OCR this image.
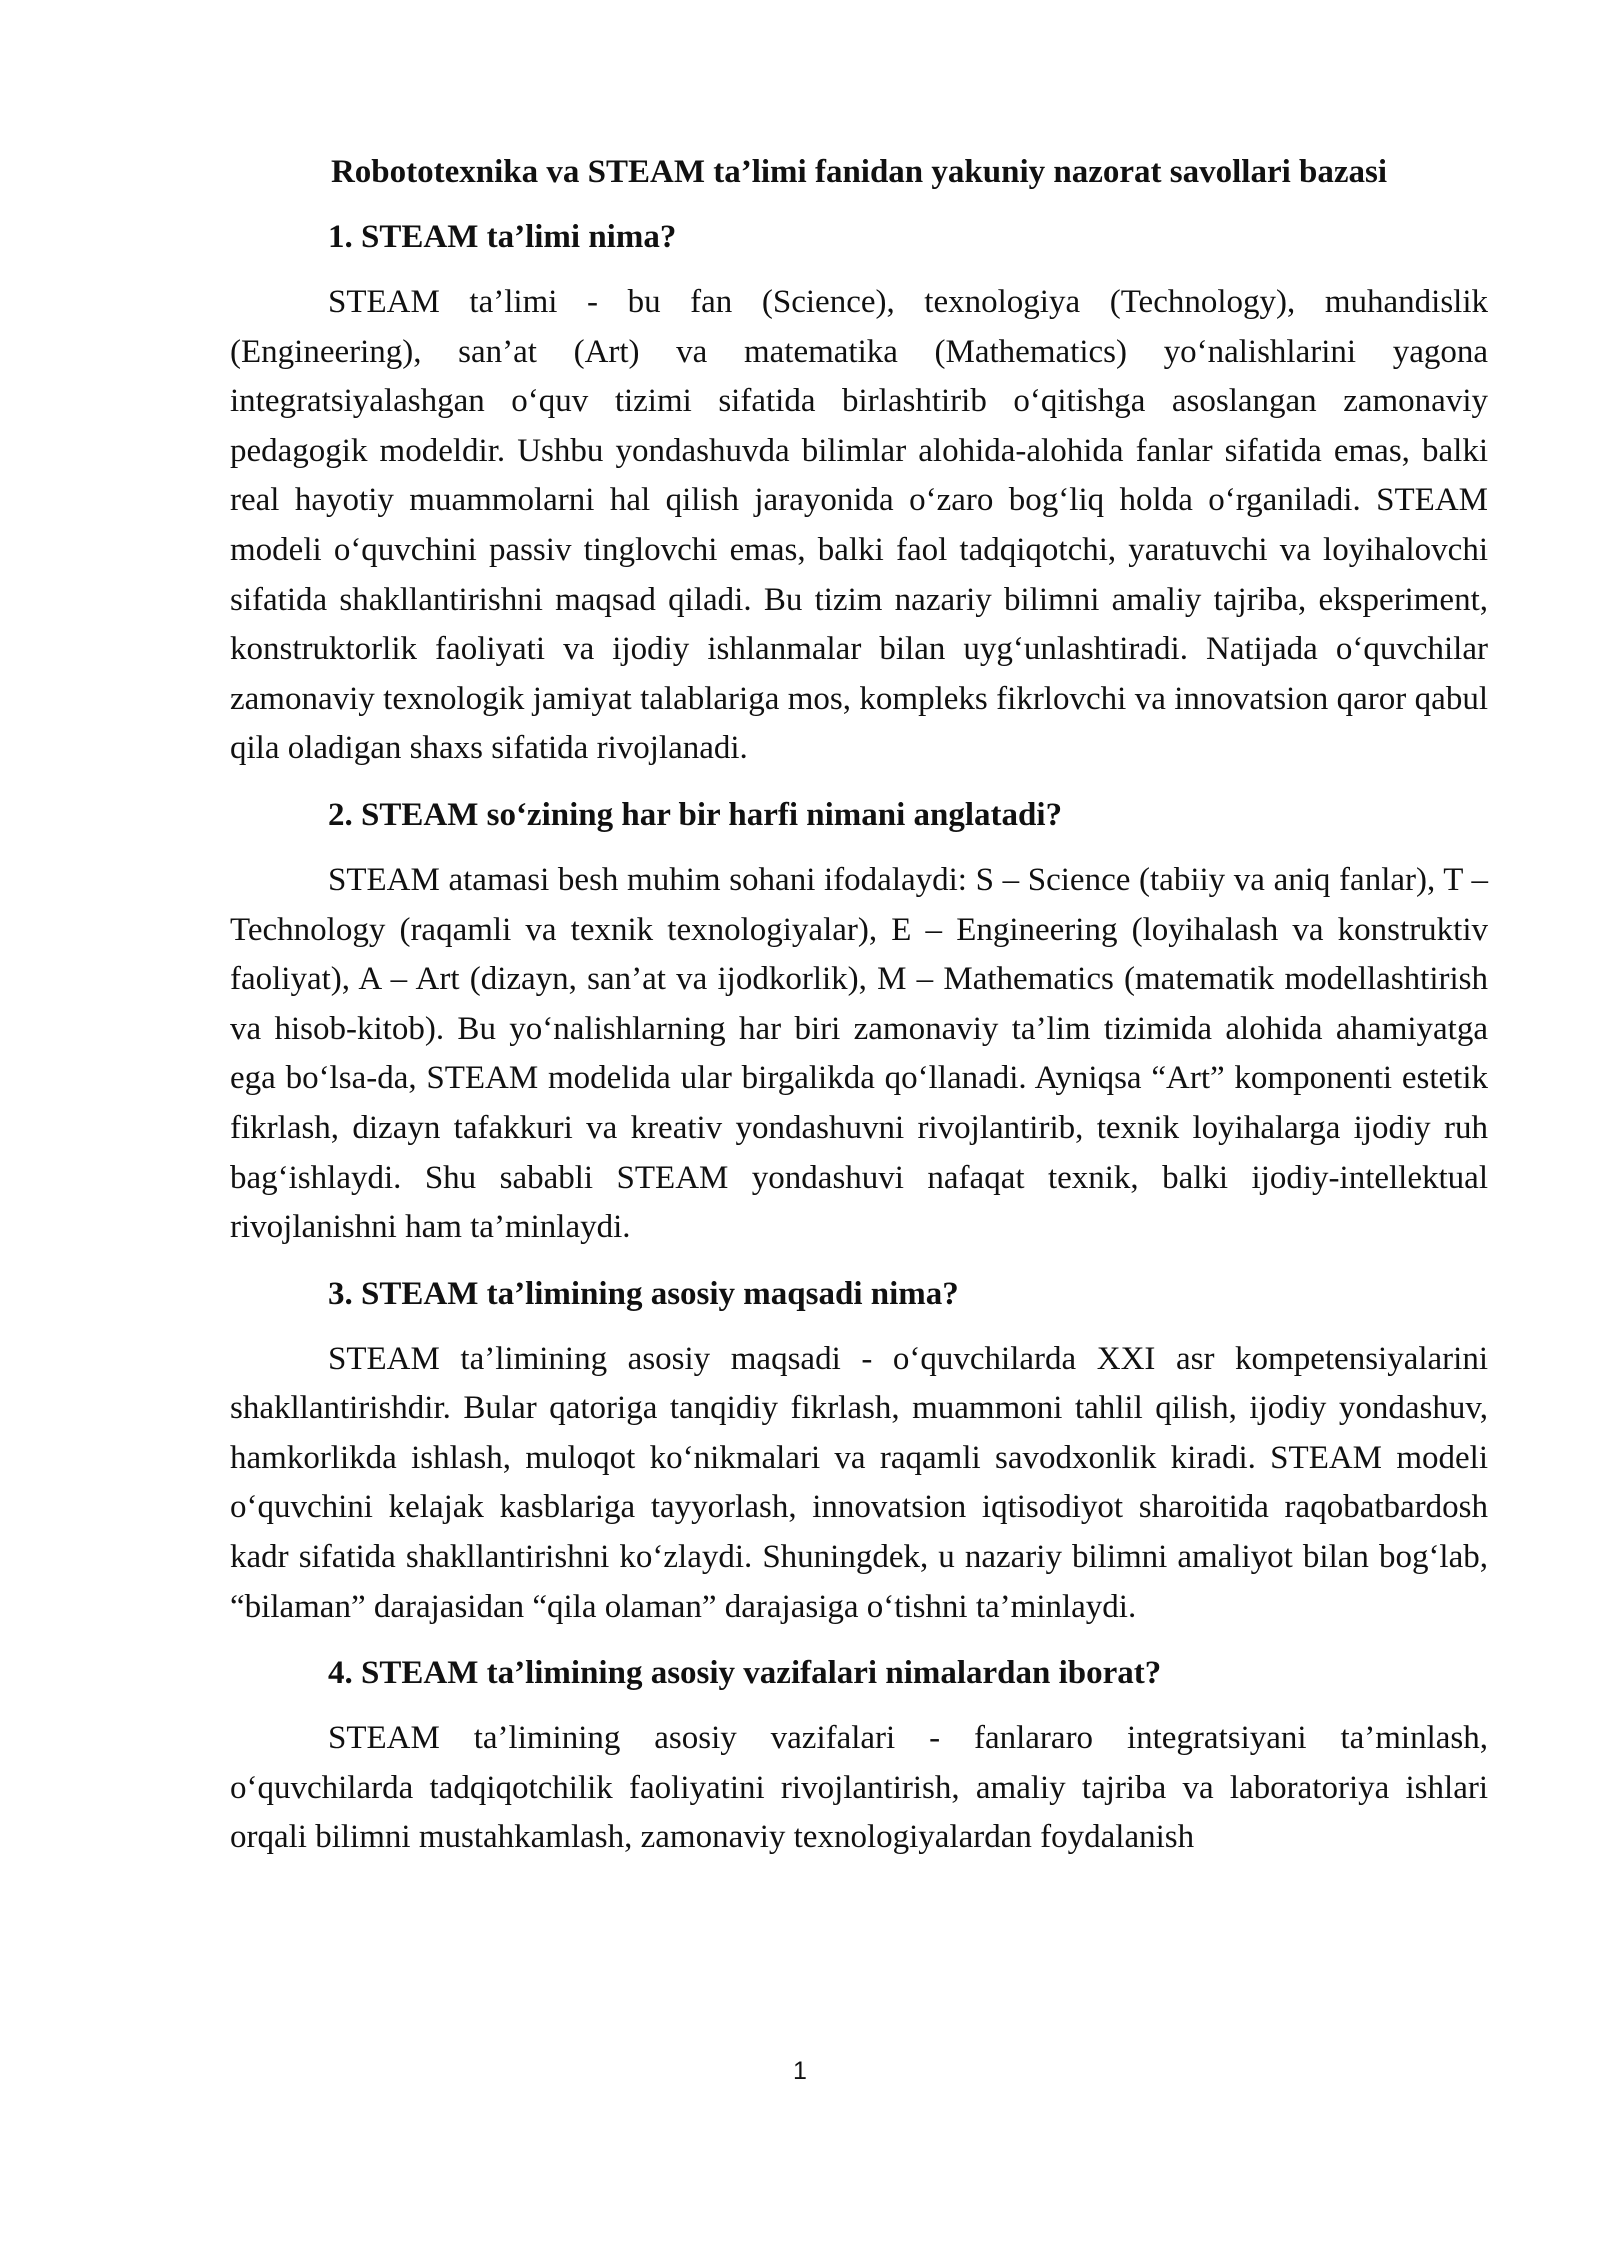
Robototexnika va STEAM ta’limi fanidan yakuniy nazorat savollari bazasi

1. STEAM ta’limi nima?

STEAM ta’limi - bu fan (Science), texnologiya (Technology), muhandislik (Engineering), san’at (Art) va matematika (Mathematics) yo‘nalishlarini yagona integratsiyalashgan o‘quv tizimi sifatida birlashtirib o‘qitishga asoslangan zamonaviy pedagogik modeldir. Ushbu yondashuvda bilimlar alohida-alohida fanlar sifatida emas, balki real hayotiy muammolarni hal qilish jarayonida o‘zaro bog‘liq holda o‘rganiladi. STEAM modeli o‘quvchini passiv tinglovchi emas, balki faol tadqiqotchi, yaratuvchi va loyihalovchi sifatida shakllantirishni maqsad qiladi. Bu tizim nazariy bilimni amaliy tajriba, eksperiment, konstruktorlik faoliyati va ijodiy ishlanmalar bilan uyg‘unlashtiradi. Natijada o‘quvchilar zamonaviy texnologik jamiyat talablariga mos, kompleks fikrlovchi va innovatsion qaror qabul qila oladigan shaxs sifatida rivojlanadi.

2. STEAM so‘zining har bir harfi nimani anglatadi?

STEAM atamasi besh muhim sohani ifodalaydi: S – Science (tabiiy va aniq fanlar), T – Technology (raqamli va texnik texnologiyalar), E – Engineering (loyihalash va konstruktiv faoliyat), A – Art (dizayn, san’at va ijodkorlik), M – Mathematics (matematik modellashtirish va hisob-kitob). Bu yo‘nalishlarning har biri zamonaviy ta’lim tizimida alohida ahamiyatga ega bo‘lsa-da, STEAM modelida ular birgalikda qo‘llanadi. Ayniqsa “Art” komponenti estetik fikrlash, dizayn tafakkuri va kreativ yondashuvni rivojlantirib, texnik loyihalarga ijodiy ruh bag‘ishlaydi. Shu sababli STEAM yondashuvi nafaqat texnik, balki ijodiy-intellektual rivojlanishni ham ta’minlaydi.

3. STEAM ta’limining asosiy maqsadi nima?

STEAM ta’limining asosiy maqsadi - o‘quvchilarda XXI asr kompetensiyalarini shakllantirishdir. Bular qatoriga tanqidiy fikrlash, muammoni tahlil qilish, ijodiy yondashuv, hamkorlikda ishlash, muloqot ko‘nikmalari va raqamli savodxonlik kiradi. STEAM modeli o‘quvchini kelajak kasblariga tayyorlash, innovatsion iqtisodiyot sharoitida raqobatbardosh kadr sifatida shakllantirishni ko‘zlaydi. Shuningdek, u nazariy bilimni amaliyot bilan bog‘lab, “bilaman” darajasidan “qila olaman” darajasiga o‘tishni ta’minlaydi.

4. STEAM ta’limining asosiy vazifalari nimalardan iborat?

STEAM ta’limining asosiy vazifalari - fanlararo integratsiyani ta’minlash, o‘quvchilarda tadqiqotchilik faoliyatini rivojlantirish, amaliy tajriba va laboratoriya ishlari orqali bilimni mustahkamlash, zamonaviy texnologiyalardan foydalanish

1
